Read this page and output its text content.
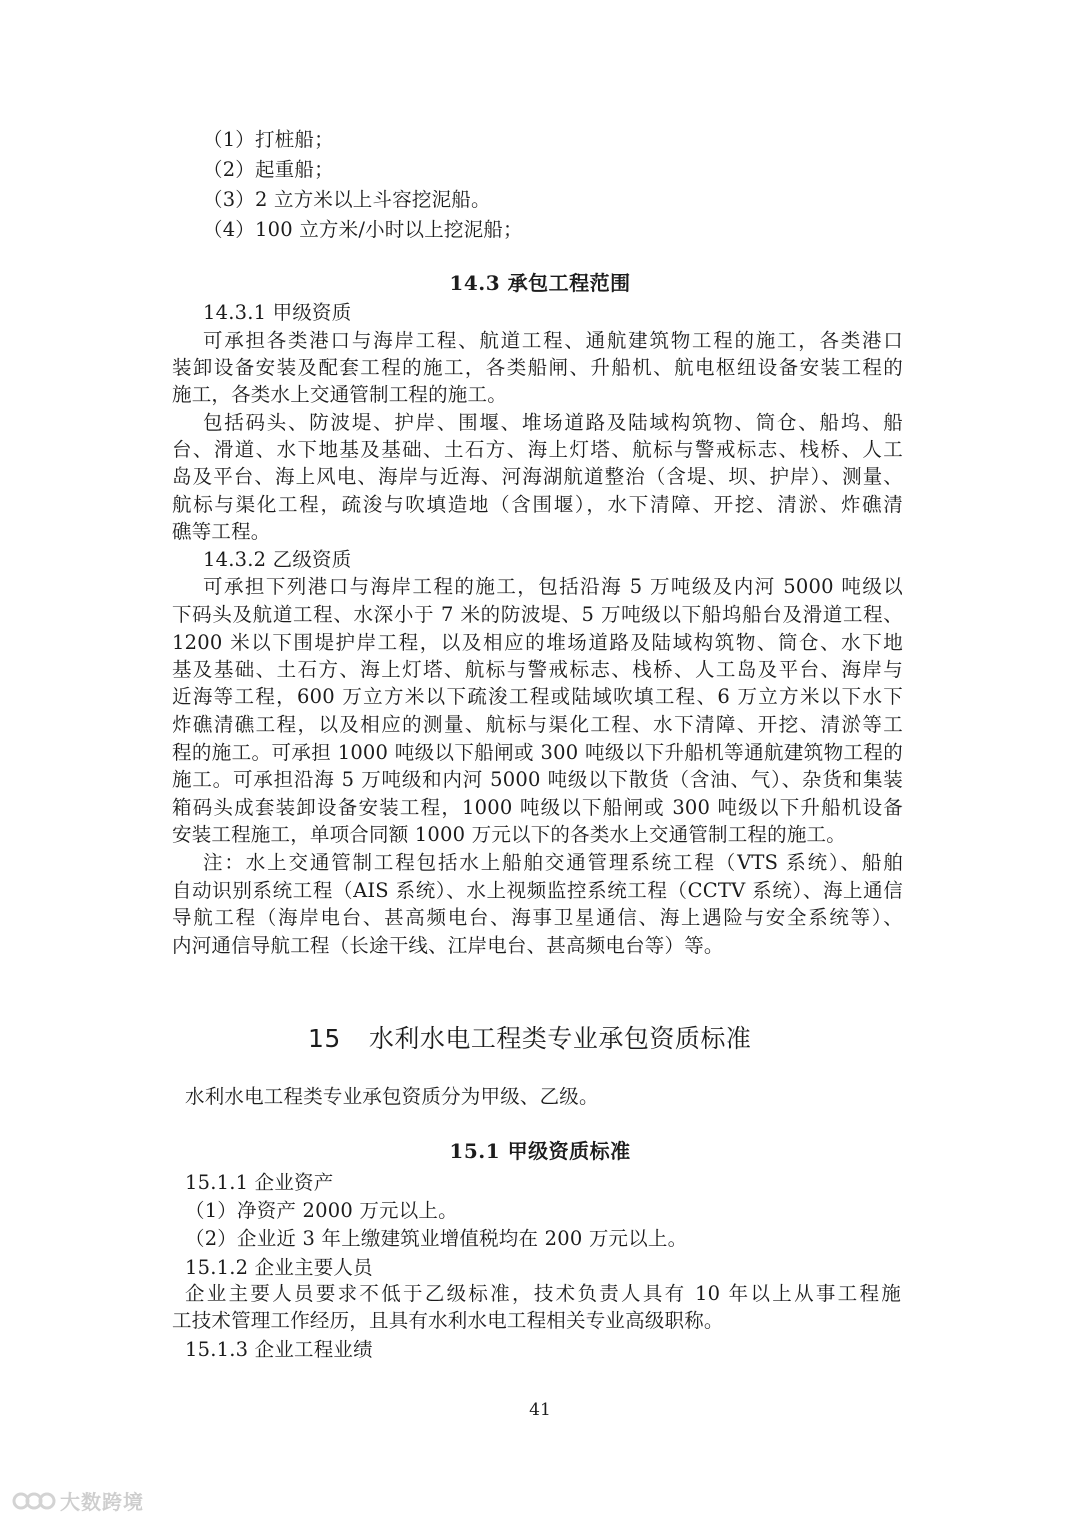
（1）打桩船；

（2）起重船；

（3）2 立方米以上斗容挖泥船。

（4）100 立方米/小时以上挖泥船；

14.3 承包工程范围

14.3.1 甲级资质

可承担各类港口与海岸工程、航道工程、通航建筑物工程的施工，各类港口

装卸设备安装及配套工程的施工，各类船闸、升船机、航电枢纽设备安装工程的

施工，各类水上交通管制工程的施工。

包括码头、防波堤、护岸、围堰、堆场道路及陆域构筑物、筒仓、船坞、船

台、滑道、水下地基及基础、土石方、海上灯塔、航标与警戒标志、栈桥、人工

岛及平台、海上风电、海岸与近海、河海湖航道整治（含堤、坝、护岸）、测量、

航标与渠化工程，疏浚与吹填造地（含围堰），水下清障、开挖、清淤、炸礁清

礁等工程。

14.3.2 乙级资质

可承担下列港口与海岸工程的施工，包括沿海 5 万吨级及内河 5000 吨级以

下码头及航道工程、水深小于 7 米的防波堤、5 万吨级以下船坞船台及滑道工程、

1200 米以下围堤护岸工程，以及相应的堆场道路及陆域构筑物、筒仓、水下地

基及基础、土石方、海上灯塔、航标与警戒标志、栈桥、人工岛及平台、海岸与

近海等工程，600 万立方米以下疏浚工程或陆域吹填工程、6 万立方米以下水下

炸礁清礁工程，以及相应的测量、航标与渠化工程、水下清障、开挖、清淤等工

程的施工。可承担 1000 吨级以下船闸或 300 吨级以下升船机等通航建筑物工程的

施工。可承担沿海 5 万吨级和内河 5000 吨级以下散货（含油、气）、杂货和集装

箱码头成套装卸设备安装工程，1000 吨级以下船闸或 300 吨级以下升船机设备

安装工程施工，单项合同额 1000 万元以下的各类水上交通管制工程的施工。

注：水上交通管制工程包括水上船舶交通管理系统工程（VTS 系统）、船舶

自动识别系统工程（AIS 系统）、水上视频监控系统工程（CCTV 系统）、海上通信

导航工程（海岸电台、甚高频电台、海事卫星通信、海上遇险与安全系统等）、

内河通信导航工程（长途干线、江岸电台、甚高频电台等）等。

15 水利水电工程类专业承包资质标准

水利水电工程类专业承包资质分为甲级、乙级。

15.1 甲级资质标准

15.1.1 企业资产

（1）净资产 2000 万元以上。

（2）企业近 3 年上缴建筑业增值税均在 200 万元以上。

15.1.2 企业主要人员

企业主要人员要求不低于乙级标准，技术负责人具有 10 年以上从事工程施

工技术管理工作经历，且具有水利水电工程相关专业高级职称。

15.1.3 企业工程业绩

41
大数跨境
